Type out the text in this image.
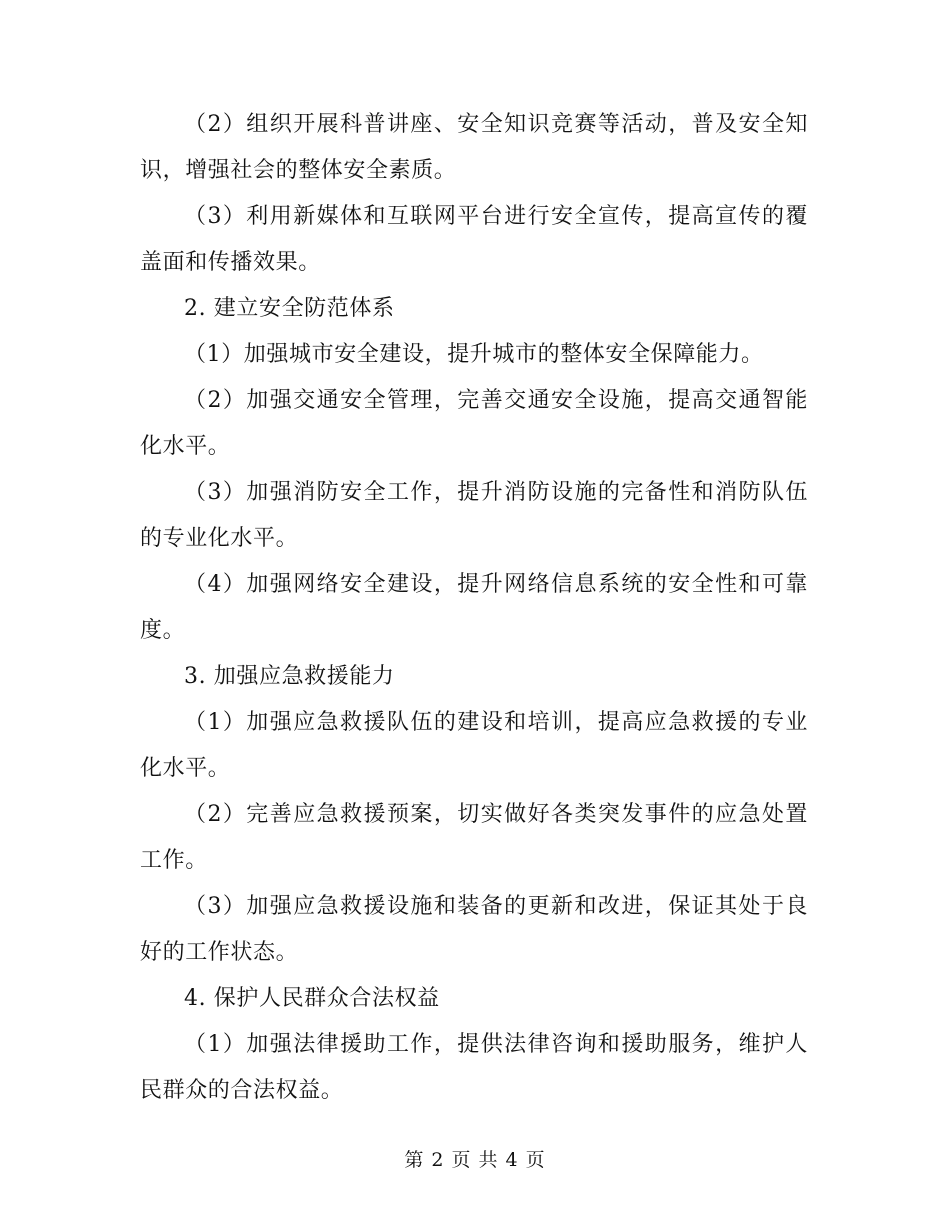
（2）组织开展科普讲座、安全知识竞赛等活动，普及安全知识，增强社会的整体安全素质。

（3）利用新媒体和互联网平台进行安全宣传，提高宣传的覆盖面和传播效果。

2. 建立安全防范体系

（1）加强城市安全建设，提升城市的整体安全保障能力。

（2）加强交通安全管理，完善交通安全设施，提高交通智能化水平。

（3）加强消防安全工作，提升消防设施的完备性和消防队伍的专业化水平。

（4）加强网络安全建设，提升网络信息系统的安全性和可靠度。

3. 加强应急救援能力

（1）加强应急救援队伍的建设和培训，提高应急救援的专业化水平。

（2）完善应急救援预案，切实做好各类突发事件的应急处置工作。

（3）加强应急救援设施和装备的更新和改进，保证其处于良好的工作状态。

4. 保护人民群众合法权益

（1）加强法律援助工作，提供法律咨询和援助服务，维护人民群众的合法权益。

第 2 页 共 4 页
